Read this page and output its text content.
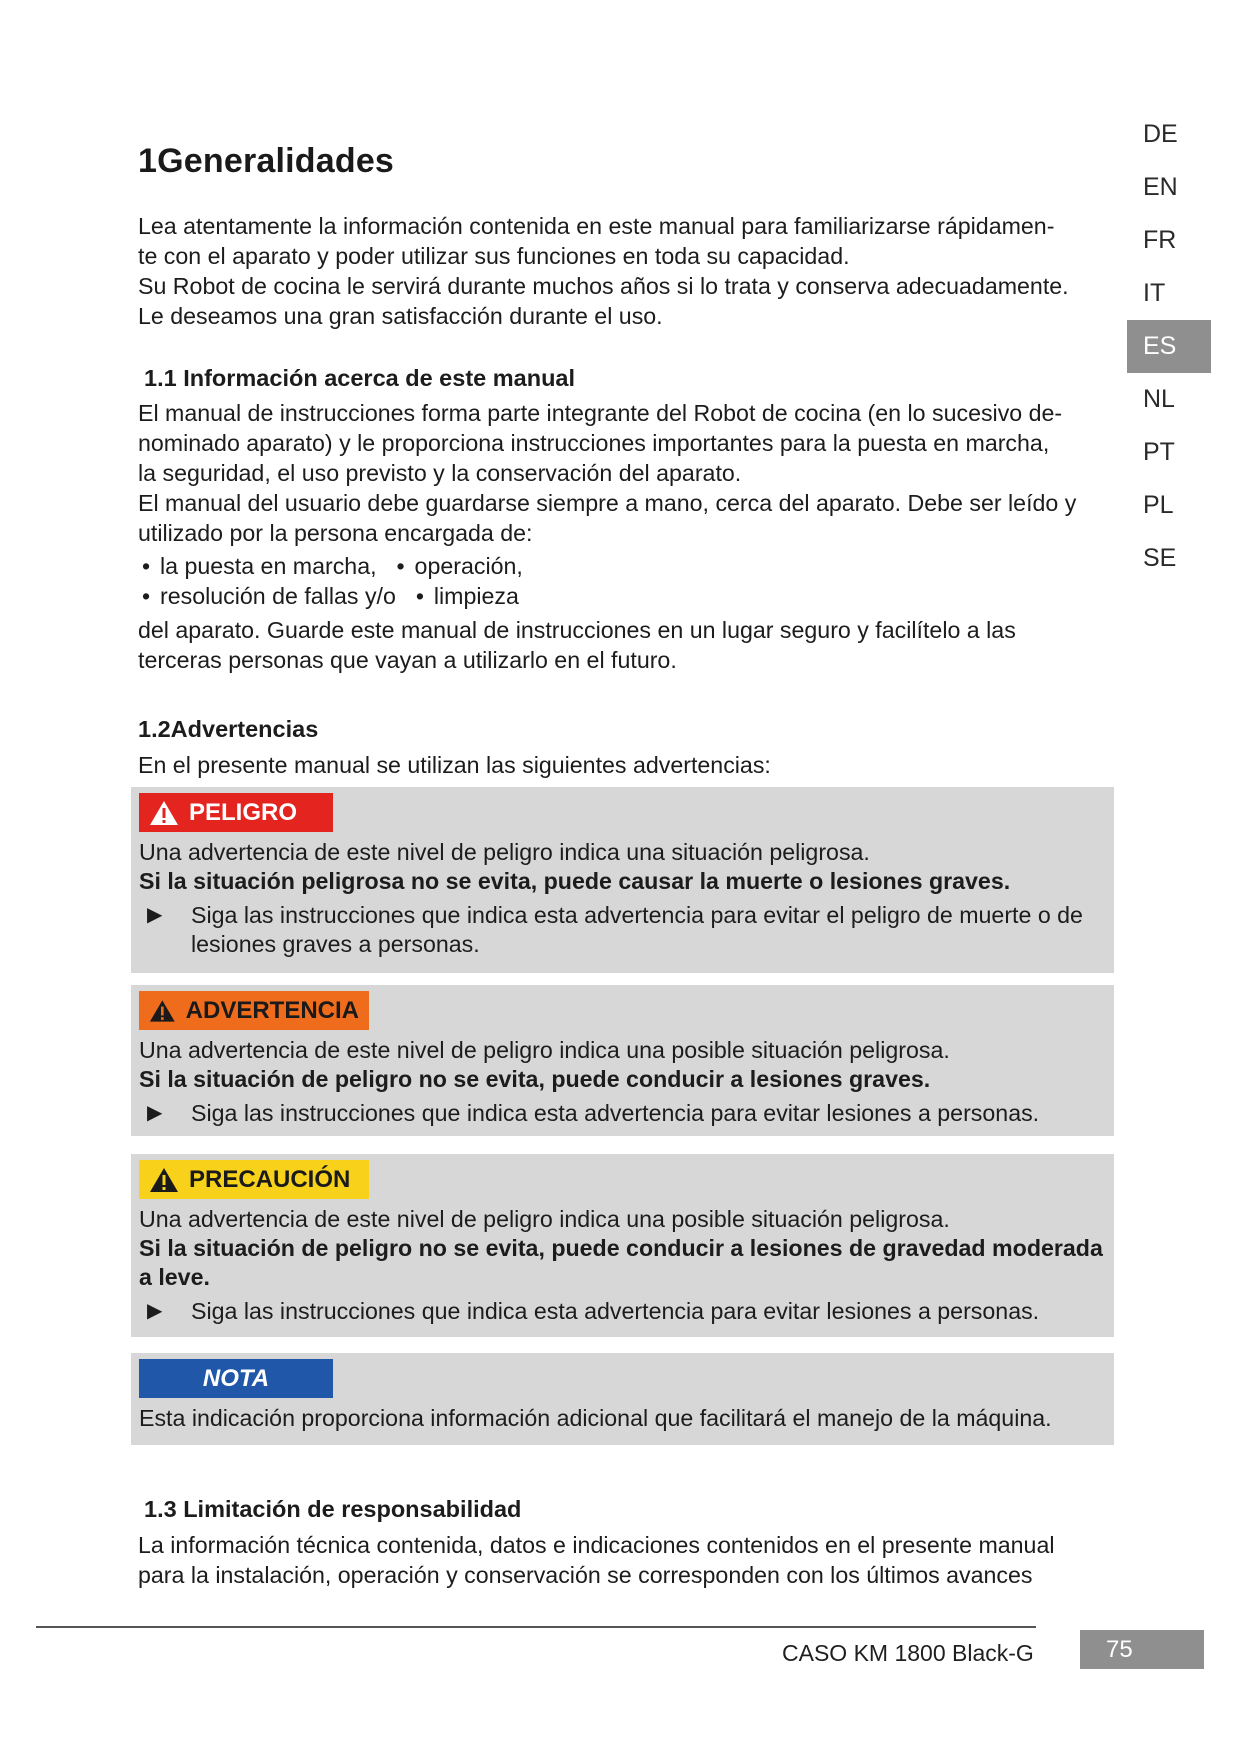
DE
EN
FR
IT
ES
NL
PT
PL
SE
1Generalidades

Lea atentamente la información contenida en este manual para familiarizarse rápidamen-

te con el aparato y poder utilizar sus funciones en toda su capacidad.

Su Robot de cocina le servirá durante muchos años si lo trata y conserva adecuadamente.

Le deseamos una gran satisfacción durante el uso.

1.1 Información acerca de este manual

El manual de instrucciones forma parte integrante del Robot de cocina (en lo sucesivo de-

nominado aparato) y le proporciona instrucciones importantes para la puesta en marcha,

la seguridad, el uso previsto y la conservación del aparato.

El manual del usuario debe guardarse siempre a mano, cerca del aparato. Debe ser leído y

utilizado por la persona encargada de:

• la puesta en marcha, • operación,
• resolución de fallas y/o • limpieza

del aparato. Guarde este manual de instrucciones en un lugar seguro y facilítelo a las

terceras personas que vayan a utilizarlo en el futuro.

1.2Advertencias
En el presente manual se utilizan las siguientes advertencias:
PELIGRO

Una advertencia de este nivel de peligro indica una situación peligrosa.

Si la situación peligrosa no se evita, puede causar la muerte o lesiones graves.

▶	Siga las instrucciones que indica esta advertencia para evitar el peligro de muerte o de lesiones graves a personas.
ADVERTENCIA

Una advertencia de este nivel de peligro indica una posible situación peligrosa.

Si la situación de peligro no se evita, puede conducir a lesiones graves.

▶	Siga las instrucciones que indica esta advertencia para evitar lesiones a personas.
PRECAUCIÓN

Una advertencia de este nivel de peligro indica una posible situación peligrosa.

Si la situación de peligro no se evita, puede conducir a lesiones de gravedad moderada a leve.

▶	Siga las instrucciones que indica esta advertencia para evitar lesiones a personas.
NOTA

Esta indicación proporciona información adicional que facilitará el manejo de la máquina.

1.3 Limitación de responsabilidad

La información técnica contenida, datos e indicaciones contenidos en el presente manual

para la instalación, operación y conservación se corresponden con los últimos avances

CASO KM 1800 Black-G	75
